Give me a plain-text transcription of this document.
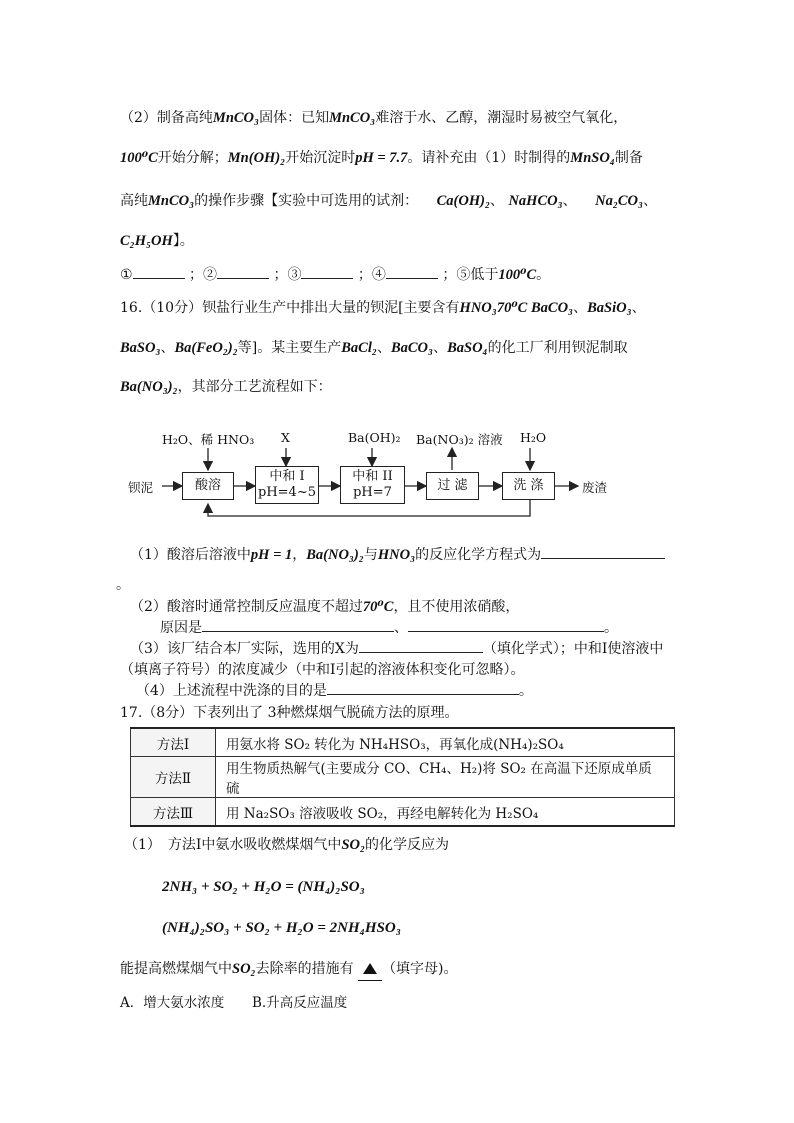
（2）制备高纯MnCO₃固体：已知MnCO₃难溶于水、乙醇，潮湿时易被空气氧化，
100⁰C开始分解；Mn(OH)₂开始沉淀时pH = 7.7。请补充由（1）时制得的MnSO₄制备
高纯MnCO₃的操作步骤【实验中可选用的试剂： Ca(OH)₂、 NaHCO₃、 Na₂CO₃、
C₂H₅OH】。
①	；②	；③	；④	；⑤低于100⁰C。
16.（10分）钡盐行业生产中排出大量的钡泥[主要含有HNO₃70⁰C BaCO₃、BaSiO₃、
BaSO₃、Ba(FeO₂)₂等]。某主要生产BaCl₂、BaCO₃、BaSO₄的化工厂利用钡泥制取
Ba(NO₃)₂，其部分工艺流程如下：
钡泥	酸溶
中和 I
pH=4~5
中和 II
pH=7	过 滤	洗 涤	废渣
H₂O、稀 HNO₃ X	Ba(OH)₂ Ba(NO₃)₂ 溶液 H₂O
（1）酸溶后溶液中pH = 1，Ba(NO₃)₂与HNO₃的反应化学方程式为
。
（2）酸溶时通常控制反应温度不超过70⁰C，且不使用浓硝酸，
原因是	、	。
（3）该厂结合本厂实际，选用的X为	（填化学式）；中和Ⅰ使溶液中
（填离子符号）的浓度减少（中和Ⅰ引起的溶液体积变化可忽略）。
（4）上述流程中洗涤的目的是	。
17.（8分）下表列出了 3种燃煤烟气脱硫方法的原理。
方法Ⅰ	用氨水将 SO₂ 转化为 NH₄HSO₃，再氧化成(NH₄)₂SO₄
方法Ⅱ	用生物质热解气(主要成分 CO、CH₄、H₂)将 SO₂ 在高温下还原成单质硫
方法Ⅲ	用 Na₂SO₃ 溶液吸收 SO₂，再经电解转化为 H₂SO₄
（1）　方法Ⅰ中氨水吸收燃煤烟气中SO₂的化学反应为
2NH₃ + SO₂ + H₂O = (NH₄)₂SO₃
(NH₄)₂SO₃ + SO₂ + H₂O = 2NH₄HSO₃
能提高燃煤烟气中SO₂去除率的措施有 （填字母)。
A．增大氨水浓度 B.升高反应温度
